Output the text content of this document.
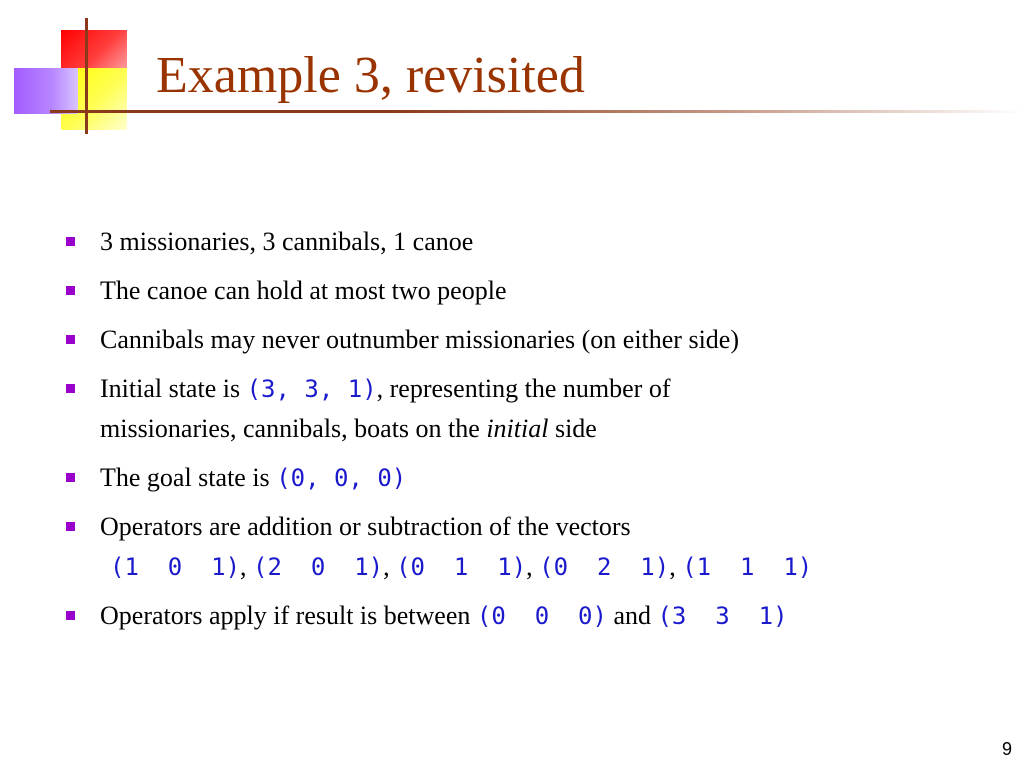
Example 3, revisited
3 missionaries, 3 cannibals, 1 canoe
The canoe can hold at most two people
Cannibals may never outnumber missionaries (on either side)
Initial state is (3, 3, 1), representing the number of
missionaries, cannibals, boats on the initial side
The goal state is (0, 0, 0)
Operators are addition or subtraction of the vectors
(1  0  1), (2  0  1), (0  1  1), (0  2  1), (1  1  1)
Operators apply if result is between (0  0  0) and (3  3  1)
9
